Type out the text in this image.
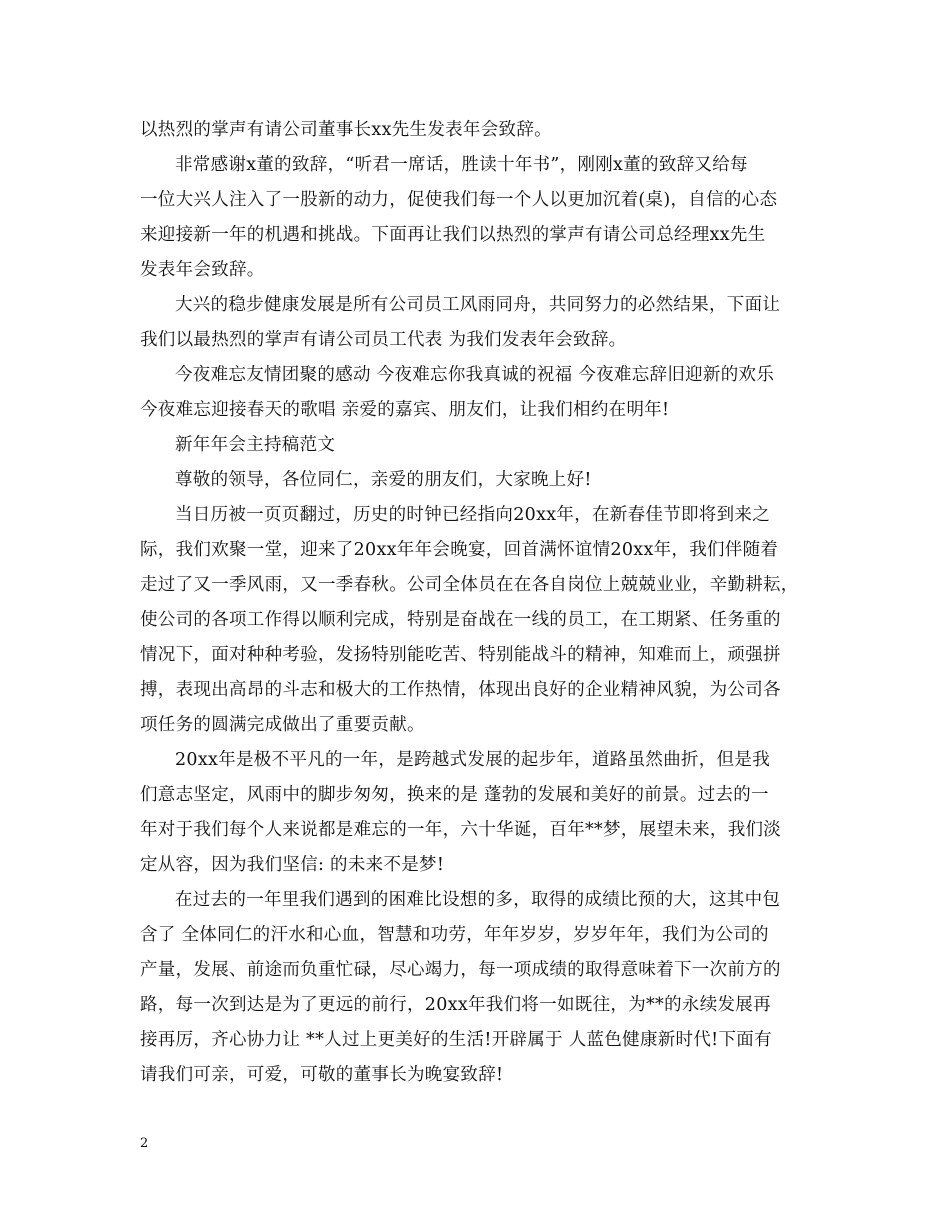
以热烈的掌声有请公司董事长xx先生发表年会致辞。
非常感谢x董的致辞，“听君一席话，胜读十年书”，刚刚x董的致辞又给每
一位大兴人注入了一股新的动力，促使我们每一个人以更加沉着(桌)，自信的心态
来迎接新一年的机遇和挑战。下面再让我们以热烈的掌声有请公司总经理xx先生
发表年会致辞。
大兴的稳步健康发展是所有公司员工风雨同舟，共同努力的必然结果，下面让
我们以最热烈的掌声有请公司员工代表 为我们发表年会致辞。
今夜难忘友情团聚的感动 今夜难忘你我真诚的祝福 今夜难忘辞旧迎新的欢乐
今夜难忘迎接春天的歌唱 亲爱的嘉宾、朋友们，让我们相约在明年!
新年年会主持稿范文
尊敬的领导，各位同仁，亲爱的朋友们，大家晚上好!
当日历被一页页翻过，历史的时钟已经指向20xx年，在新春佳节即将到来之
际，我们欢聚一堂，迎来了20xx年年会晚宴，回首满怀谊情20xx年，我们伴随着
走过了又一季风雨，又一季春秋。公司全体员在在各自岗位上兢兢业业，辛勤耕耘，
使公司的各项工作得以顺利完成，特别是奋战在一线的员工，在工期紧、任务重的
情况下，面对种种考验，发扬特别能吃苦、特别能战斗的精神，知难而上，顽强拼
搏，表现出高昂的斗志和极大的工作热情，体现出良好的企业精神风貌，为公司各
项任务的圆满完成做出了重要贡献。
20xx年是极不平凡的一年，是跨越式发展的起步年，道路虽然曲折，但是我
们意志坚定，风雨中的脚步匆匆，换来的是 蓬勃的发展和美好的前景。过去的一
年对于我们每个人来说都是难忘的一年，六十华诞，百年**梦，展望未来，我们淡
定从容，因为我们坚信: 的未来不是梦!
在过去的一年里我们遇到的困难比设想的多，取得的成绩比预的大，这其中包
含了 全体同仁的汗水和心血，智慧和功劳，年年岁岁，岁岁年年，我们为公司的
产量，发展、前途而负重忙碌，尽心竭力，每一项成绩的取得意味着下一次前方的
路，每一次到达是为了更远的前行，20xx年我们将一如既往，为**的永续发展再
接再厉，齐心协力让 **人过上更美好的生活!开辟属于 人蓝色健康新时代!下面有
请我们可亲，可爱，可敬的董事长为晚宴致辞!
2
